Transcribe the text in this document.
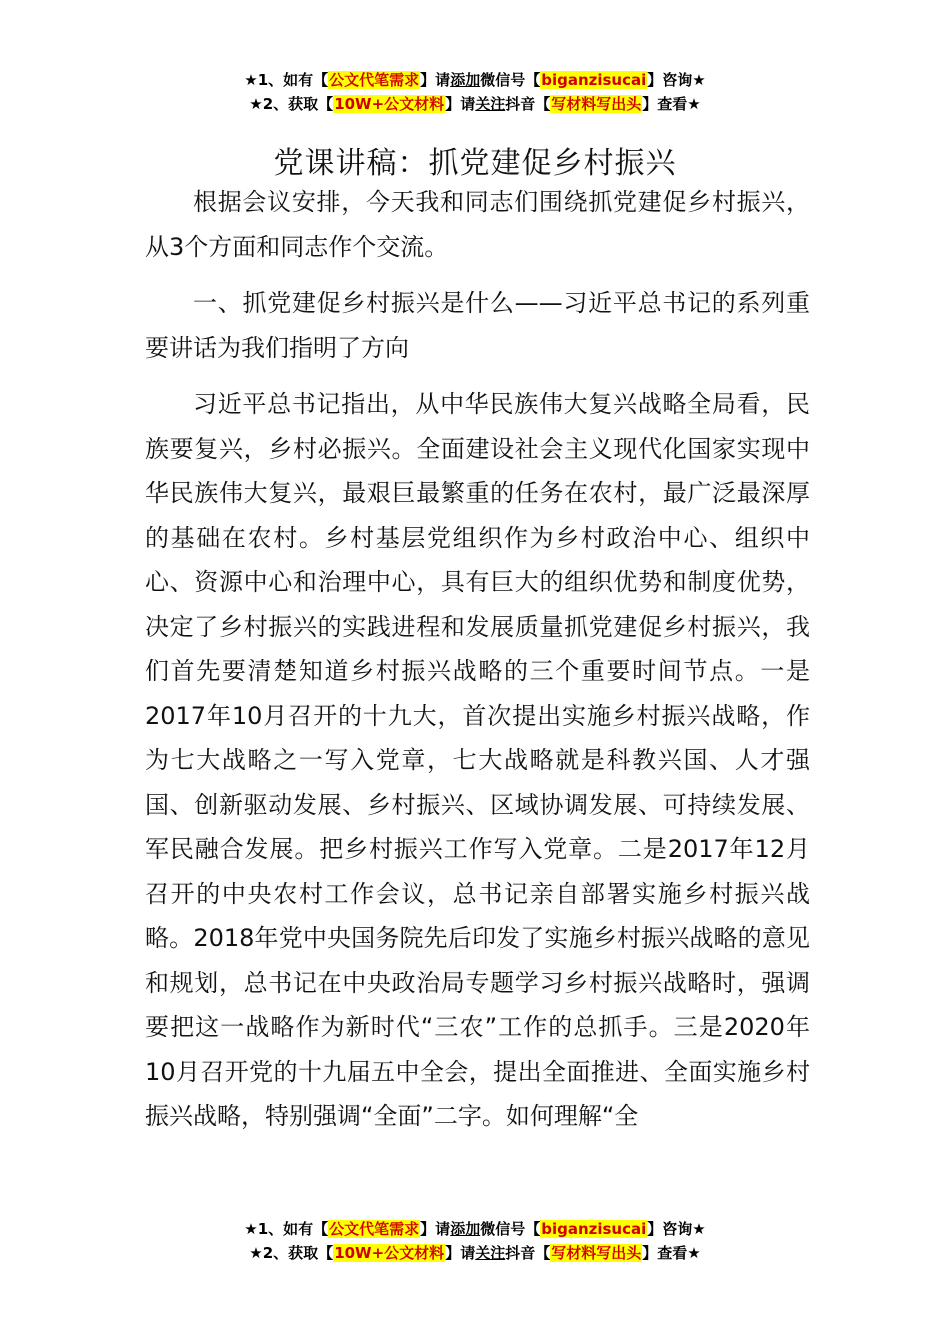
★1、如有【公文代笔需求】请添加微信号【biganzisucai】咨询★
★2、获取【10W+公文材料】请关注抖音【写材料写出头】查看★
党课讲稿：抓党建促乡村振兴

根据会议安排，今天我和同志们围绕抓党建促乡村振兴，从3个方面和同志作个交流。

一、抓党建促乡村振兴是什么——习近平总书记的系列重要讲话为我们指明了方向

习近平总书记指出，从中华民族伟大复兴战略全局看，民族要复兴，乡村必振兴。全面建设社会主义现代化国家实现中华民族伟大复兴，最艰巨最繁重的任务在农村，最广泛最深厚的基础在农村。乡村基层党组织作为乡村政治中心、组织中心、资源中心和治理中心，具有巨大的组织优势和制度优势，决定了乡村振兴的实践进程和发展质量抓党建促乡村振兴，我们首先要清楚知道乡村振兴战略的三个重要时间节点。一是2017年10月召开的十九大，首次提出实施乡村振兴战略，作为七大战略之一写入党章，七大战略就是科教兴国、人才强国、创新驱动发展、乡村振兴、区域协调发展、可持续发展、军民融合发展。把乡村振兴工作写入党章。二是2017年12月召开的中央农村工作会议，总书记亲自部署实施乡村振兴战略。2018年党中央国务院先后印发了实施乡村振兴战略的意见和规划，总书记在中央政治局专题学习乡村振兴战略时，强调要把这一战略作为新时代“三农”工作的总抓手。三是2020年10月召开党的十九届五中全会，提出全面推进、全面实施乡村振兴战略，特别强调“全面”二字。如何理解“全

★1、如有【公文代笔需求】请添加微信号【biganzisucai】咨询★
★2、获取【10W+公文材料】请关注抖音【写材料写出头】查看★
